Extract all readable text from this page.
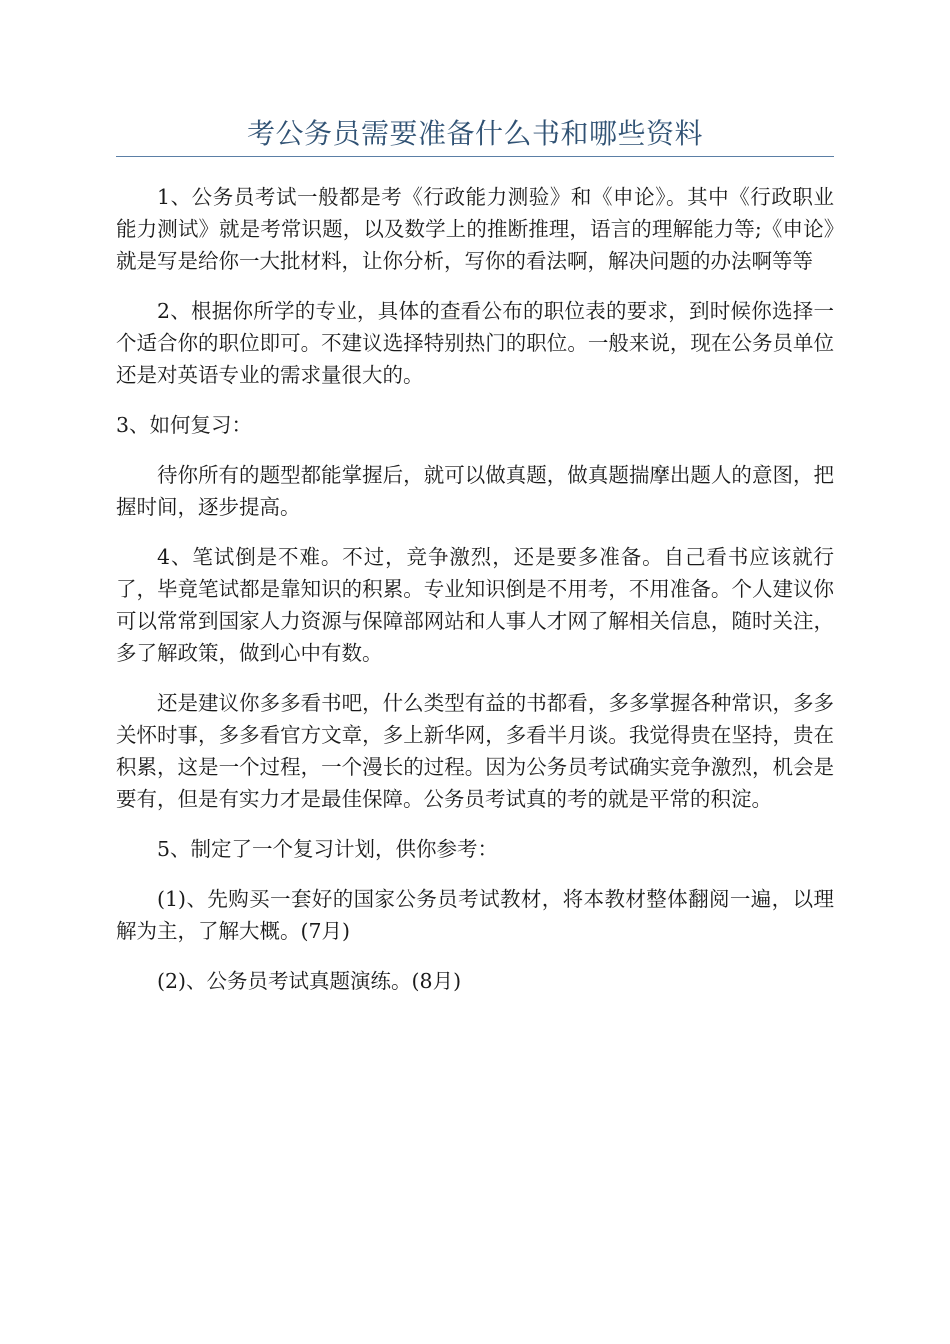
考公务员需要准备什么书和哪些资料

1、公务员考试一般都是考《行政能力测验》和《申论》。其中《行政职业能力测试》就是考常识题，以及数学上的推断推理，语言的理解能力等;《申论》就是写是给你一大批材料，让你分析，写你的看法啊，解决问题的办法啊等等

2、根据你所学的专业，具体的查看公布的职位表的要求，到时候你选择一个适合你的职位即可。不建议选择特别热门的职位。一般来说，现在公务员单位还是对英语专业的需求量很大的。

3、如何复习：

待你所有的题型都能掌握后，就可以做真题，做真题揣摩出题人的意图，把握时间，逐步提高。

4、笔试倒是不难。不过，竞争激烈，还是要多准备。自己看书应该就行了，毕竟笔试都是靠知识的积累。专业知识倒是不用考，不用准备。个人建议你可以常常到国家人力资源与保障部网站和人事人才网了解相关信息，随时关注，多了解政策，做到心中有数。

还是建议你多多看书吧，什么类型有益的书都看，多多掌握各种常识，多多关怀时事，多多看官方文章，多上新华网，多看半月谈。我觉得贵在坚持，贵在积累，这是一个过程，一个漫长的过程。因为公务员考试确实竞争激烈，机会是要有，但是有实力才是最佳保障。公务员考试真的考的就是平常的积淀。

5、制定了一个复习计划，供你参考：

(1)、先购买一套好的国家公务员考试教材，将本教材整体翻阅一遍，以理解为主，了解大概。(7月)

(2)、公务员考试真题演练。(8月)
